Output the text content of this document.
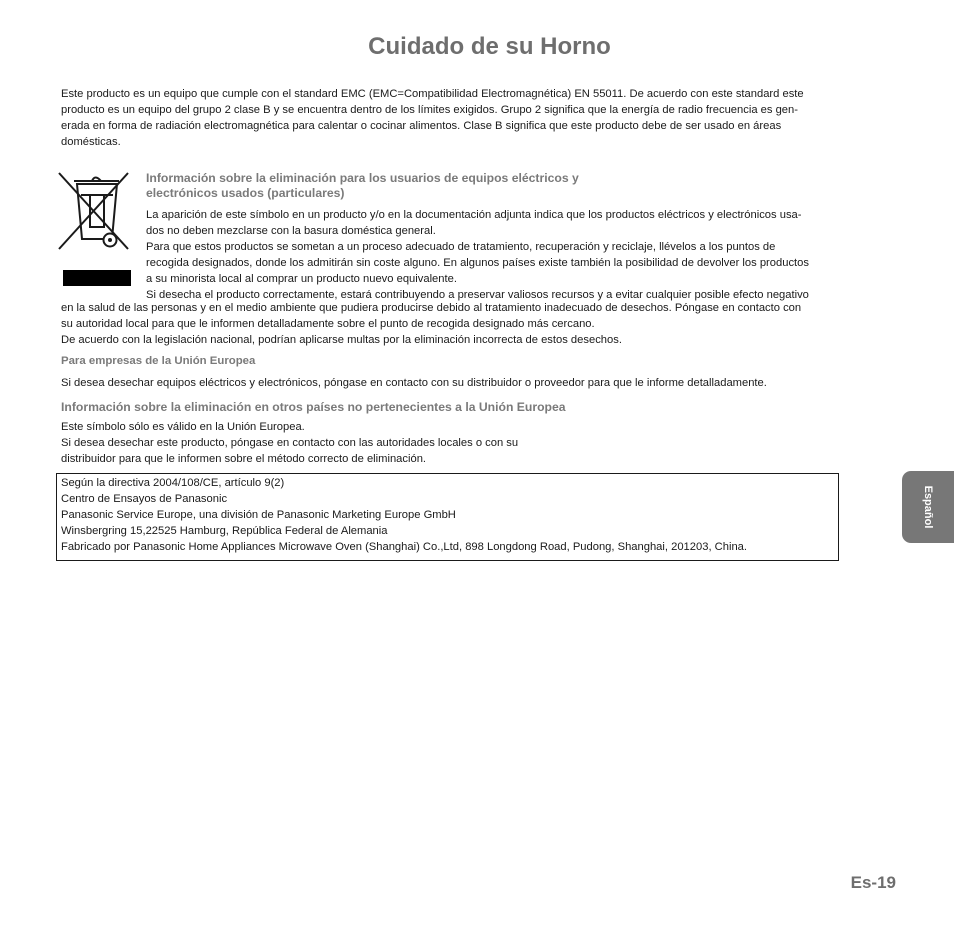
Cuidado de su Horno

Este producto es un equipo que cumple con el standard EMC (EMC=Compatibilidad Electromagnética) EN 55011. De acuerdo con este standard este
producto es un equipo del grupo 2 clase B y se encuentra dentro de los límites exigidos. Grupo 2 significa que la energía de radio frecuencia es gen-
erada en forma de radiación electromagnética para calentar o cocinar alimentos. Clase B significa que este producto debe de ser usado en áreas
domésticas.

Información sobre la eliminación para los usuarios de equipos eléctricos y
electrónicos usados (particulares)

La aparición de este símbolo en un producto y/o en la documentación adjunta indica que los productos eléctricos y electrónicos usa-
dos no deben mezclarse con la basura doméstica general.
Para que estos productos se sometan a un proceso adecuado de tratamiento, recuperación y reciclaje, llévelos a los puntos de
recogida designados, donde los admitirán sin coste alguno. En algunos países existe también la posibilidad de devolver los productos
a su minorista local al comprar un producto nuevo equivalente.
Si desecha el producto correctamente, estará contribuyendo a preservar valiosos recursos y a evitar cualquier posible efecto negativo

en la salud de las personas y en el medio ambiente que pudiera producirse debido al tratamiento inadecuado de desechos. Póngase en contacto con
su autoridad local para que le informen detalladamente sobre el punto de recogida designado más cercano.
De acuerdo con la legislación nacional, podrían aplicarse multas por la eliminación incorrecta de estos desechos.

Para empresas de la Unión Europea

Si desea desechar equipos eléctricos y electrónicos, póngase en contacto con su distribuidor o proveedor para que le informe detalladamente.

Información sobre la eliminación en otros países no pertenecientes a la Unión Europea

Este símbolo sólo es válido en la Unión Europea.
Si desea desechar este producto, póngase en contacto con las autoridades locales o con su
distribuidor para que le informen sobre el método correcto de eliminación.

Según la directiva 2004/108/CE, artículo 9(2)
Centro de Ensayos de Panasonic
Panasonic Service Europe, una división de Panasonic Marketing Europe GmbH
Winsbergring 15,22525 Hamburg, República Federal de Alemania
Fabricado por Panasonic Home Appliances Microwave Oven (Shanghai) Co.,Ltd, 898 Longdong Road, Pudong, Shanghai, 201203, China.

Español
Es-19
